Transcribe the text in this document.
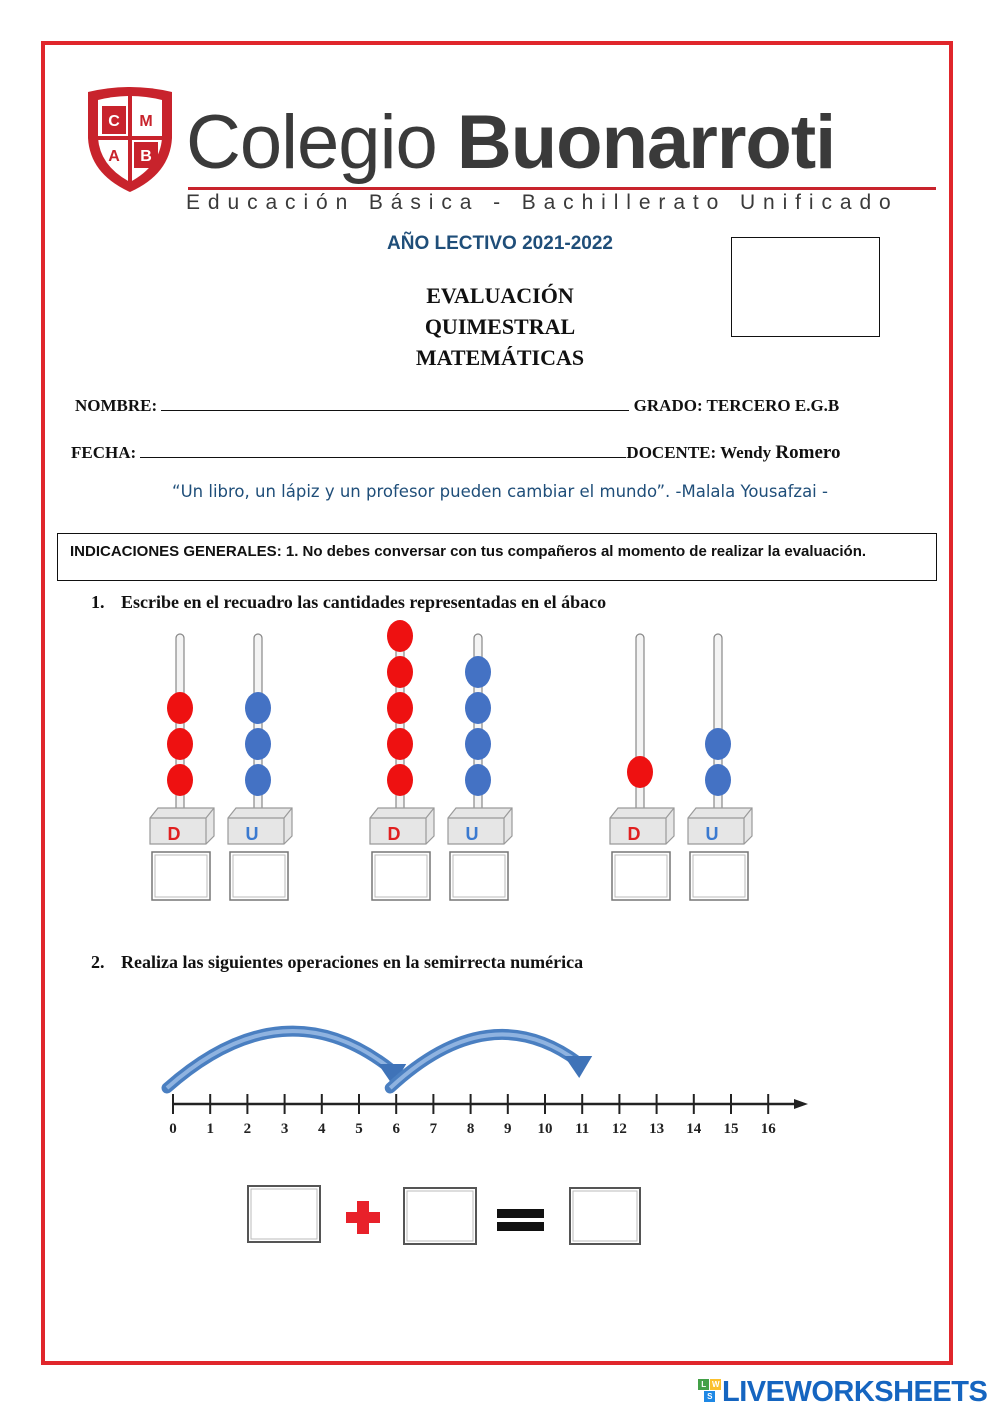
C M
A B Colegio Buonarroti
Educación Básica - Bachillerato Unificado
AÑO LECTIVO 2021-2022
EVALUACIÓN
QUIMESTRAL
MATEMÁTICAS
NOMBRE:	GRADO: TERCERO E.G.B
FECHA:	DOCENTE: Wendy Romero
“Un libro, un lápiz y un profesor pueden cambiar el mundo”. -Malala Yousafzai -
INDICACIONES GENERALES: 1. No debes conversar con tus compañeros al momento de realizar la evaluación.
1. Escribe en el recuadro las cantidades representadas en el ábaco
D	U	D	U	D	U
2. Realiza las siguientes operaciones en la semirrecta numérica
0 1 2 3 4 5 6 7 8 9 10 11 12 13 14 15 16
+	=
L W
S LIVEWORKSHEETS
